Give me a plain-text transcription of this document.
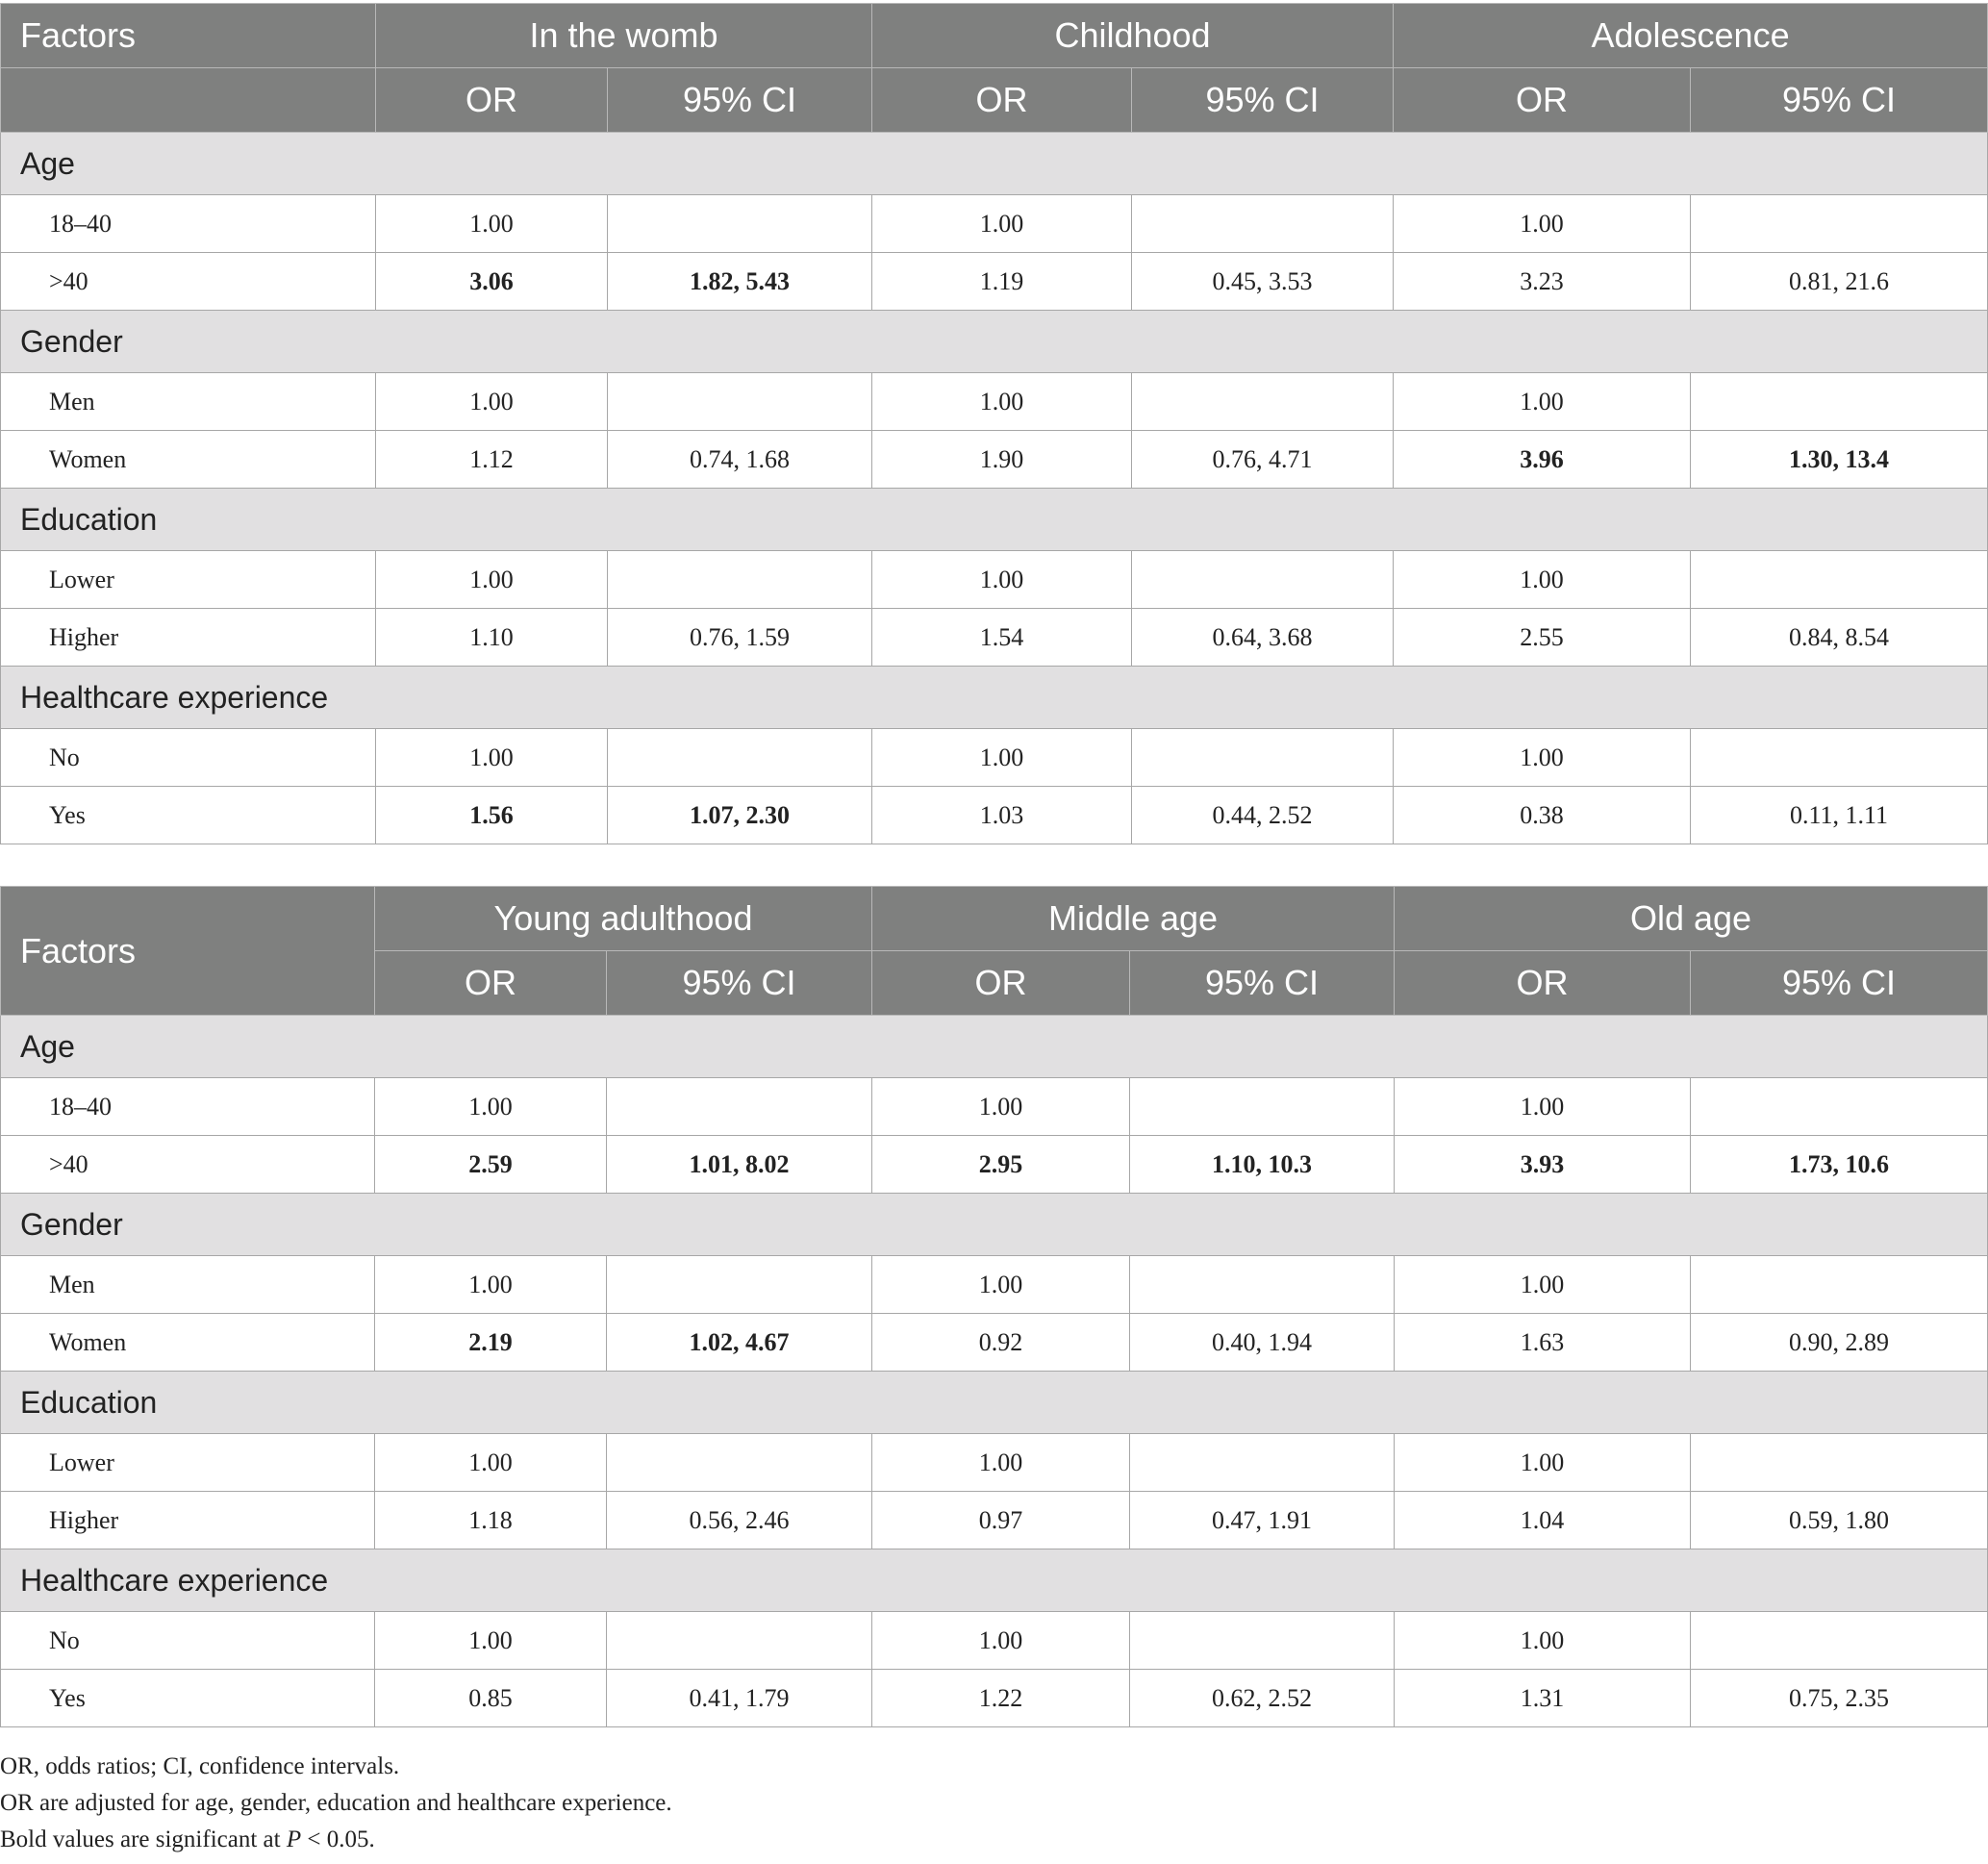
Factors	In the womb		Childhood		Adolescence	
	OR	95% CI	OR	95% CI	OR	95% CI
Age						
18–40	1.00		1.00		1.00	
>40	3.06	1.82, 5.43	1.19	0.45, 3.53	3.23	0.81, 21.6
Gender						
Men	1.00		1.00		1.00	
Women	1.12	0.74, 1.68	1.90	0.76, 4.71	3.96	1.30, 13.4
Education						
Lower	1.00		1.00		1.00	
Higher	1.10	0.76, 1.59	1.54	0.64, 3.68	2.55	0.84, 8.54
Healthcare experience						
No	1.00		1.00		1.00	
Yes	1.56	1.07, 2.30	1.03	0.44, 2.52	0.38	0.11, 1.11
Factors	Young adulthood		Middle age		Old age	
	OR	95% CI	OR	95% CI	OR	95% CI
Age						
18–40	1.00		1.00		1.00	
>40	2.59	1.01, 8.02	2.95	1.10, 10.3	3.93	1.73, 10.6
Gender						
Men	1.00		1.00		1.00	
Women	2.19	1.02, 4.67	0.92	0.40, 1.94	1.63	0.90, 2.89
Education						
Lower	1.00		1.00		1.00	
Higher	1.18	0.56, 2.46	0.97	0.47, 1.91	1.04	0.59, 1.80
Healthcare experience						
No	1.00		1.00		1.00	
Yes	0.85	0.41, 1.79	1.22	0.62, 2.52	1.31	0.75, 2.35

OR, odds ratios; CI, confidence intervals.

OR are adjusted for age, gender, education and healthcare experience.

Bold values are significant at P < 0.05.
